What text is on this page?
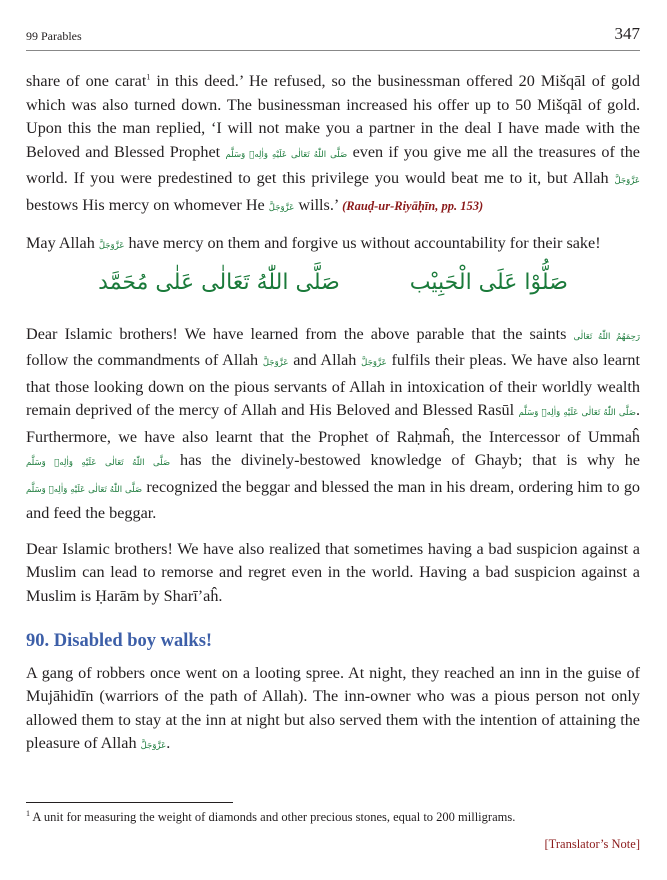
99 Parables	347

share of one carat$^1$ in this deed.’ He refused, so the businessman offered 20 Mišqāl of gold which was also turned down. The businessman increased his offer up to 50 Mišqāl of gold. Upon this the man replied, ‘I will not make you a partner in the deal I have made with the Beloved and Blessed Prophet صَلَّى اللّٰهُ تَعَالٰى عَلَيْهِ وَاٰلِهٖ وَسَلَّم even if you give me all the treasures of the world. If you were predestined to get this privilege you would beat me to it, but Allah عَزَّوَجَلَّ bestows His mercy on whomever He عَزَّوَجَلَّ wills.’ (Rauḍ-ur-Riyāḥīn, pp. 153)

May Allah عَزَّوَجَلَّ have mercy on them and forgive us without accountability for their sake!

صَلُّوْا عَلَى الْحَبِيْب
صَلَّى اللّٰهُ تَعَالٰى عَلٰى مُحَمَّد

Dear Islamic brothers! We have learned from the above parable that the saints رَحِمَهُمُ اللّٰهُ تَعَالٰى follow the commandments of Allah عَزَّوَجَلَّ and Allah عَزَّوَجَلَّ fulfils their pleas. We have also learnt that those looking down on the pious servants of Allah in intoxication of their worldly wealth remain deprived of the mercy of Allah and His Beloved and Blessed Rasūl صَلَّى اللّٰهُ تَعَالٰى عَلَيْهِ وَاٰلِهٖ وَسَلَّم. Furthermore, we have also learnt that the Prophet of Raḥmaĥ, the Intercessor of Ummaĥ صَلَّى اللّٰهُ تَعَالٰى عَلَيْهِ وَاٰلِهٖ وَسَلَّم has the divinely-bestowed knowledge of Ghayb; that is why he صَلَّى اللّٰهُ تَعَالٰى عَلَيْهِ وَاٰلِهٖ وَسَلَّم recognized the beggar and blessed the man in his dream, ordering him to go and feed the beggar.

Dear Islamic brothers! We have also realized that sometimes having a bad suspicion against a Muslim can lead to remorse and regret even in the world. Having a bad suspicion against a Muslim is Ḥarām by Sharī’aĥ.

90. Disabled boy walks!

A gang of robbers once went on a looting spree. At night, they reached an inn in the guise of Mujāhidīn (warriors of the path of Allah). The inn-owner who was a pious person not only allowed them to stay at the inn at night but also served them with the intention of attaining the pleasure of Allah عَزَّوَجَلَّ.

$^1$ A unit for measuring the weight of diamonds and other precious stones, equal to 200 milligrams.
[Translator’s Note]
